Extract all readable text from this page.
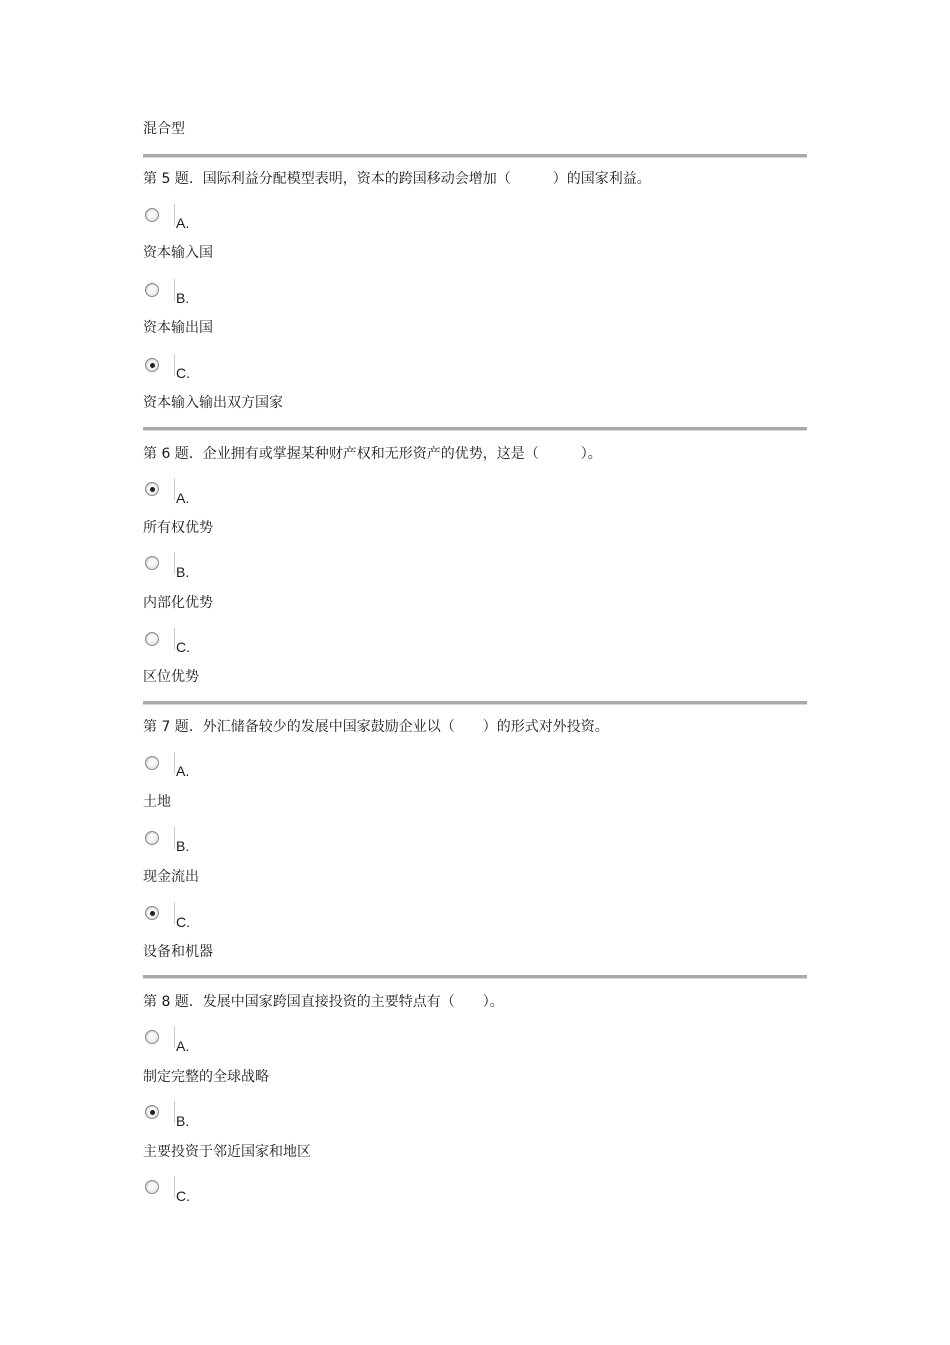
混合型
第 5 题．国际利益分配模型表明，资本的跨国移动会增加（　　　）的国家利益。
A.
资本输入国
B.
资本输出国
C.
资本输入输出双方国家
第 6 题．企业拥有或掌握某种财产权和无形资产的优势，这是（　　　）。
A.
所有权优势
B.
内部化优势
C.
区位优势
第 7 题．外汇储备较少的发展中国家鼓励企业以（　　）的形式对外投资。
A.
土地
B.
现金流出
C.
设备和机器
第 8 题．发展中国家跨国直接投资的主要特点有（　　）。
A.
制定完整的全球战略
B.
主要投资于邻近国家和地区
C.
